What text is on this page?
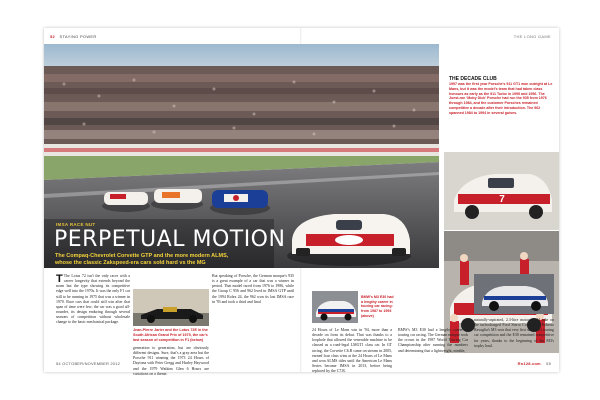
52 STAYING POWER	THE LONG GAME
IMSA RACE NUT
PERPETUAL MOTION
The Compaq-Chevrolet Corvette GTP and the more modern ALMS, whose the classic Zakspeed-era cars sold hard vs the MG
THE DECADE CLUB
1997 was the first year Porsche's 911 GT1 won outright at Le Mans, but it was the model's team that had taken class honours as early as the 911 Turbo in 1995 and 1996. The Joest-run 'Moby Dick' Porsche had run the 935 from 1976 through 1984, and the customer Porsches remained competitive a decade after their introduction. The 962 spanned 1984 to 1994 in several guises.
7
T The Lotus 72 isn't the only racer with a career longevity that extends beyond the norm but the type showing its competitive edge well into the 1970s. It was the only F1 car still to be running in 1975 that was a winner in 1970. Race cars that could still win after that span of time were few; the car was a good all-rounder, its design enduring through several seasons of competition without wholesale change to the basic mechanical package.
Jean-Pierre Jarier and the Lotus 72E in the South African Grand Prix of 1975, the car's last season of competition in F1 (below)
generation to generation, but are obviously different designs. Sure, that's a gray area but the Porsche 911 winning the 1973 24 Hours of Daytona with Peter Gregg and Hurley Haywood and the 1979 Watkins Glen 6 Hours are variations on a theme.
But speaking of Porsche, the German marque's 935 is a great example of a car that was a winner in period. That model raced from 1976 to 1986, while the Group C 956 and 962 lived in IMSA GTP until the 1994 Rolex 24, the 962 won its last IMSA race in '93 and took a third and final
BMW's M3 E30 had a lengthy career in touring car racing: from 1987 to 1993 (above)
24 Hours of Le Mans win in '94, more than a decade on from its debut. That was thanks to a loophole that allowed the venerable machine to be classed as a road-legal LMGT1 class car. In GT racing, the Corvette C6.R came on stream in 2005, earned four class wins at the 24 Hours of Le Mans and won ALMS titles until the American Le Mans Series became IMSA in 2013, before being replaced by the C7.R.
BMW's M3 E30 had a lengthy career in touring car racing. The German marque took the crown in the 1987 World Touring Car Championship after running the numbers and determining that a lightweight, nimble,
naturally-aspirated, 2.3-litre motor could take on the turbocharged Ford Sierra Cosworths. Roberto Ravaglia's M3 won that very first season of touring car competition and the E30 remained competitive for years, thanks to the beginning of the M3's trophy haul.
54 OCTOBER/NOVEMBER 2012	Rn128.com 55
